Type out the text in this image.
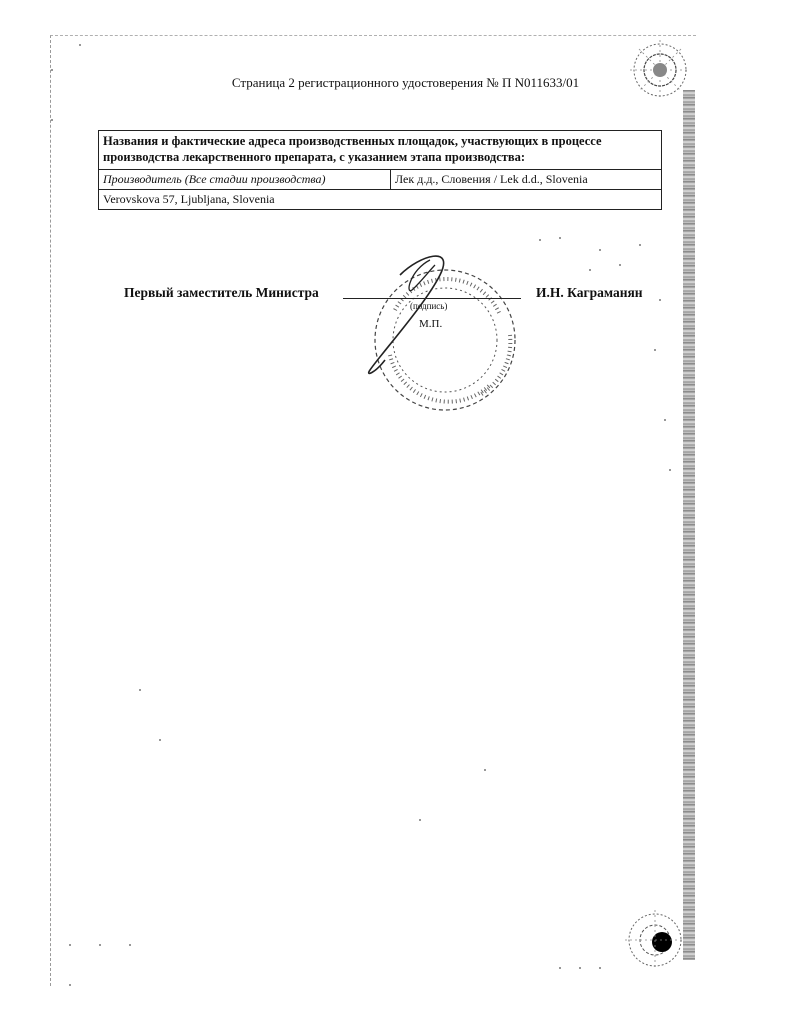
Страница 2 регистрационного удостоверения № П N011633/01
Названия и фактические адреса производственных площадок, участвующих в процессе производства лекарственного препарата, с указанием этапа производства:
Производитель (Все стадии производства)	Лек д.д., Словения / Lek d.d., Slovenia
Verovskova 57, Ljubljana, Slovenia
Первый заместитель Министра
(подпись)
И.Н. Каграманян
М.П.
